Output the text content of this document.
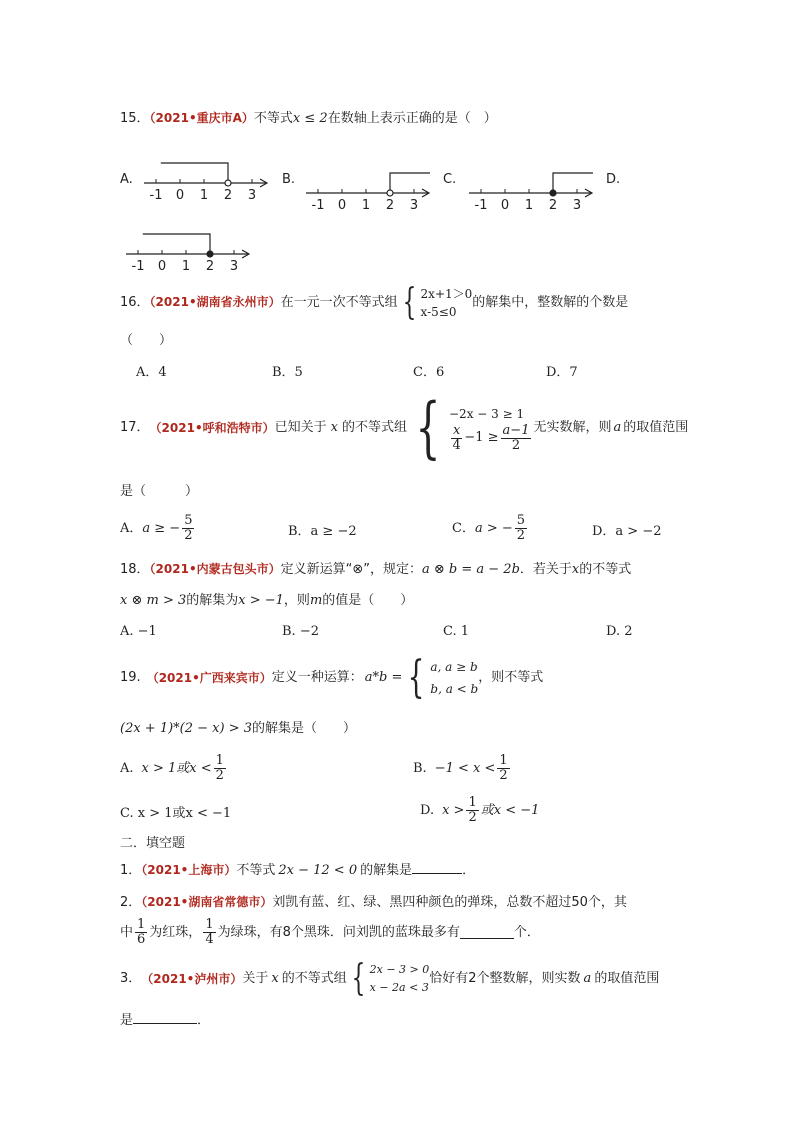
15．（2021•重庆市A）不等式x ≤ 2在数轴上表示正确的是（　）
A.	B.	C.	D.
-1 0 1 2 3
-1 0 1 2 3	-1 0 1 2 3
-1 0 1 2 3
16．（2021•湖南省永州市）在一元一次不等式组 { 2x+1＞0
x-5≤0
的解集中，整数解的个数是
（　　）
A．4	B．5	C．6	D．7
17． （2021•呼和浩特市） 已知关于 x 的不等式组 { −2x − 3 ≥ 1
$\frac{x}{4} -1 \ge \frac{a-1}{2}$ 无实数解，则 a 的取值范围
是（　　　）
A． a ≥ − $\frac{5}{2}$	B．a ≥ −2	C． a > − $\frac{5}{2}$	D．a > −2
18．（2021•内蒙古包头市）定义新运算“⊗”，规定：a ⊗ b = a − 2b．若关于x的不等式
x ⊗ m > 3的解集为x > −1，则m的值是（　　）
A. −1	B. −2	C. 1	D. 2
19. （2021•广西来宾市） 定义一种运算： a*b = { a, a ≥ b
b, a < b
，则不等式
(2x + 1)*(2 − x) > 3的解集是（　　）
A. x > 1或$x < \frac{1}{2}$	B. $-1 < x < \frac{1}{2}$
C. x > 1或x < −1	D. $x > \frac{1}{2}$ 或x < −1
二．填空题
1．（2021•上海市）不等式 2x − 12 < 0 的解集是	．
2．（2021•湖南省常德市）刘凯有蓝、红、绿、黑四种颜色的弹珠，总数不超过50个，其
中 $\frac{1}{6}$ 为红珠， $\frac{1}{4}$ 为绿珠，有8个黑珠．问刘凯的蓝珠最多有	个．
3． （2021•泸州市） 关于 x 的不等式组 { 2x − 3 > 0
x − 2a < 3
恰好有2个整数解，则实数 a 的取值范围
是	．
